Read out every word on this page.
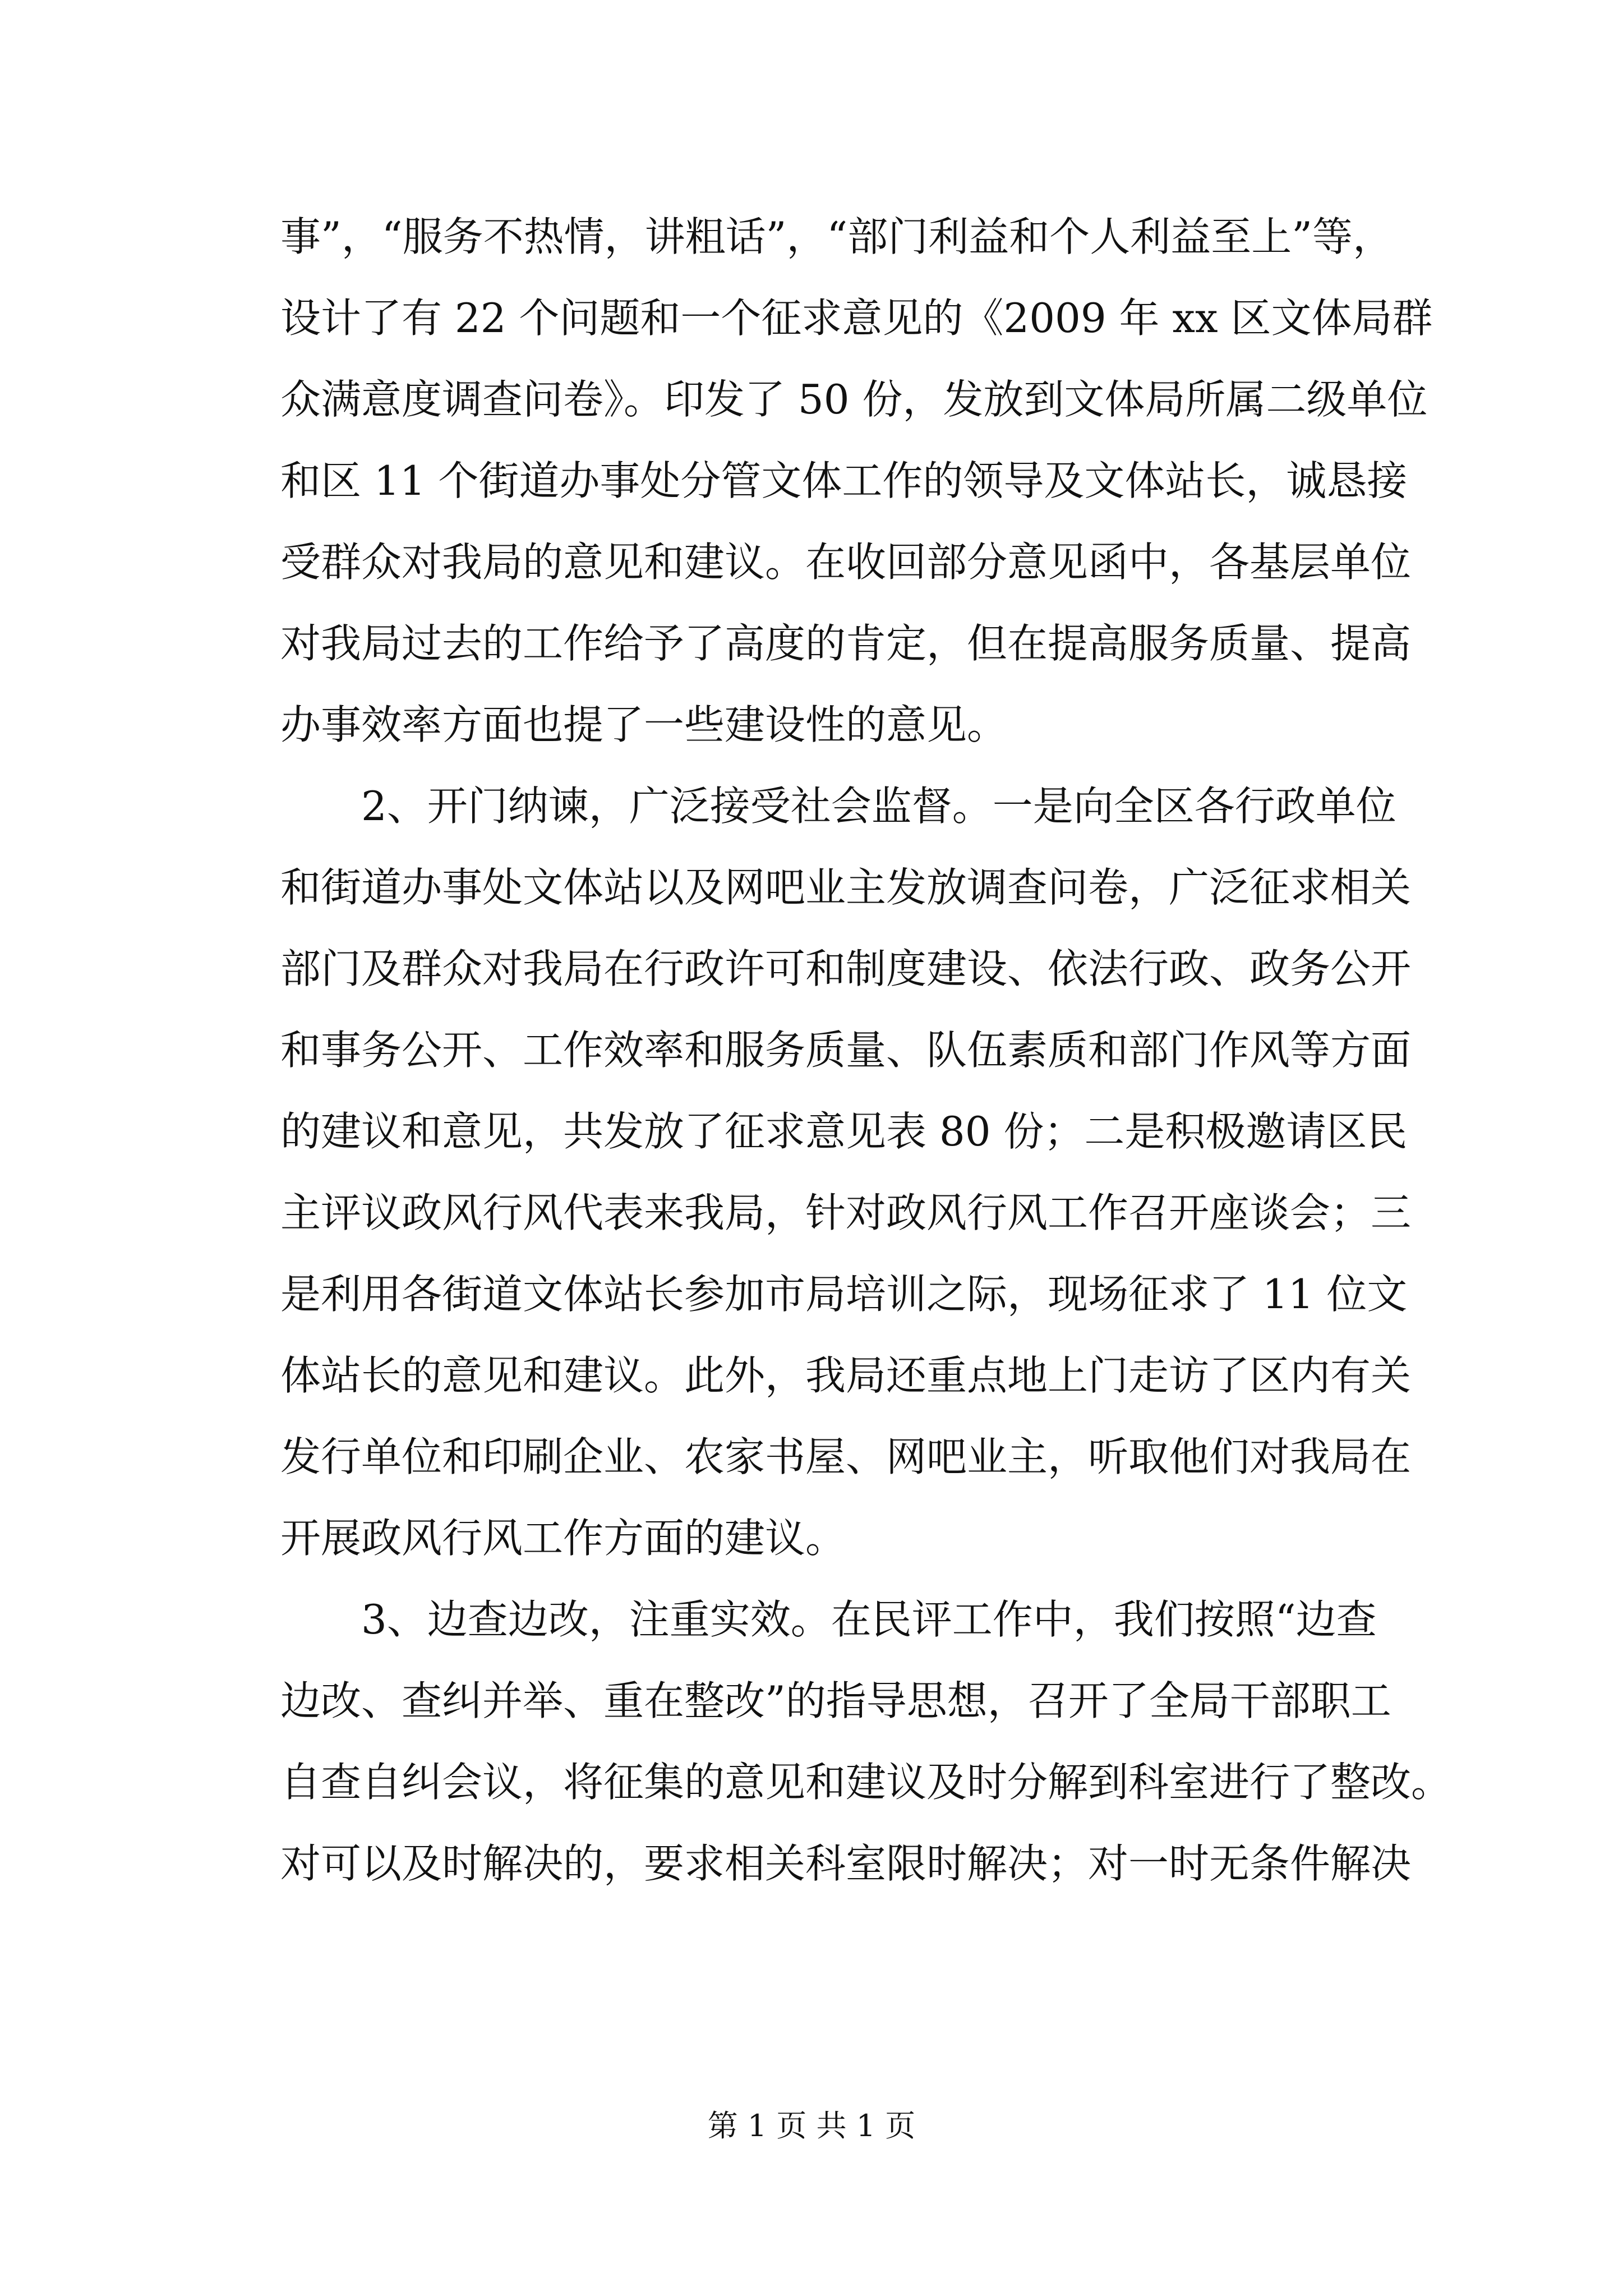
事”，“服务不热情，讲粗话”，“部门利益和个人利益至上”等，
设计了有 22 个问题和一个征求意见的《2009 年 xx 区文体局群
众满意度调查问卷》。印发了 50 份，发放到文体局所属二级单位
和区 11 个街道办事处分管文体工作的领导及文体站长，诚恳接
受群众对我局的意见和建议。在收回部分意见函中，各基层单位
对我局过去的工作给予了高度的肯定，但在提高服务质量、提高
办事效率方面也提了一些建设性的意见。
2、开门纳谏，广泛接受社会监督。一是向全区各行政单位
和街道办事处文体站以及网吧业主发放调查问卷，广泛征求相关
部门及群众对我局在行政许可和制度建设、依法行政、政务公开
和事务公开、工作效率和服务质量、队伍素质和部门作风等方面
的建议和意见，共发放了征求意见表 80 份；二是积极邀请区民
主评议政风行风代表来我局，针对政风行风工作召开座谈会；三
是利用各街道文体站长参加市局培训之际，现场征求了 11 位文
体站长的意见和建议。此外，我局还重点地上门走访了区内有关
发行单位和印刷企业、农家书屋、网吧业主，听取他们对我局在
开展政风行风工作方面的建议。
3、边查边改，注重实效。在民评工作中，我们按照“边查
边改、查纠并举、重在整改”的指导思想，召开了全局干部职工
自查自纠会议，将征集的意见和建议及时分解到科室进行了整改。
对可以及时解决的，要求相关科室限时解决；对一时无条件解决
第 1 页 共 1 页
